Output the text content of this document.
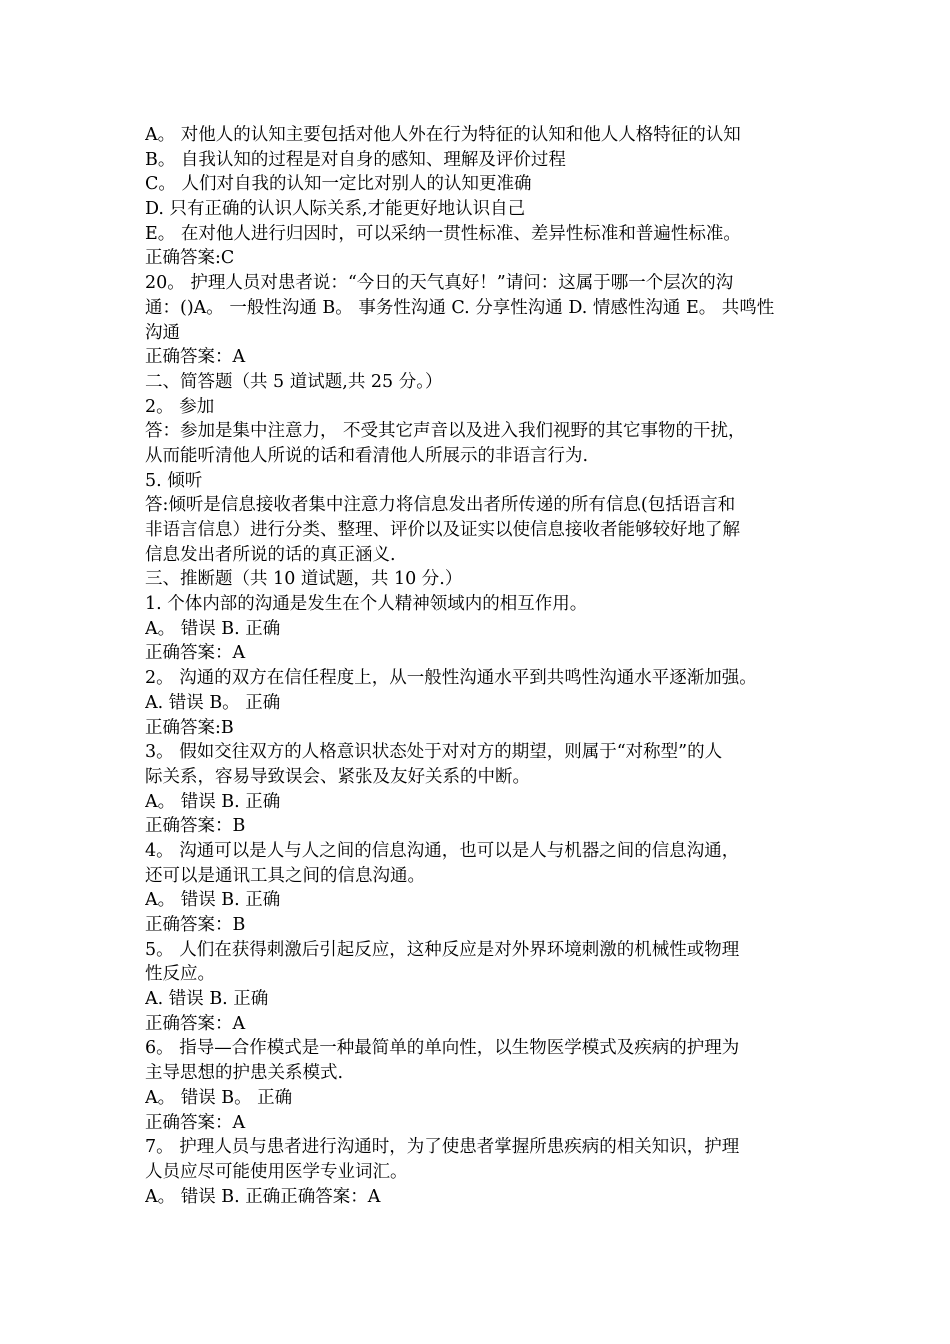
A。 对他人的认知主要包括对他人外在行为特征的认知和他人人格特征的认知
B。 自我认知的过程是对自身的感知、理解及评价过程
C。 人们对自我的认知一定比对别人的认知更准确
D. 只有正确的认识人际关系,才能更好地认识自己
E。 在对他人进行归因时，可以采纳一贯性标准、差异性标准和普遍性标准。
正确答案:C
20。 护理人员对患者说：“今日的天气真好！”请问：这属于哪一个层次的沟
通：()A。 一般性沟通 B。 事务性沟通 C. 分享性沟通 D. 情感性沟通 E。 共鸣性
沟通
正确答案：A
二、简答题（共 5 道试题,共 25 分。）
2。 参加
答：参加是集中注意力， 不受其它声音以及进入我们视野的其它事物的干扰，
从而能听清他人所说的话和看清他人所展示的非语言行为.
5. 倾听
答:倾听是信息接收者集中注意力将信息发出者所传递的所有信息(包括语言和
非语言信息）进行分类、整理、评价以及证实以使信息接收者能够较好地了解
信息发出者所说的话的真正涵义.
三、推断题（共 10 道试题，共 10 分.）
1. 个体内部的沟通是发生在个人精神领域内的相互作用。
A。 错误 B. 正确
正确答案：A
2。 沟通的双方在信任程度上，从一般性沟通水平到共鸣性沟通水平逐渐加强。
A. 错误 B。 正确
正确答案:B
3。 假如交往双方的人格意识状态处于对对方的期望，则属于“对称型”的人
际关系，容易导致误会、紧张及友好关系的中断。
A。 错误 B. 正确
正确答案：B
4。 沟通可以是人与人之间的信息沟通，也可以是人与机器之间的信息沟通，
还可以是通讯工具之间的信息沟通。
A。 错误 B. 正确
正确答案：B
5。 人们在获得刺激后引起反应，这种反应是对外界环境刺激的机械性或物理
性反应。
A. 错误 B. 正确
正确答案：A
6。 指导—合作模式是一种最简单的单向性，以生物医学模式及疾病的护理为
主导思想的护患关系模式.
A。 错误 B。 正确
正确答案：A
7。 护理人员与患者进行沟通时，为了使患者掌握所患疾病的相关知识，护理
人员应尽可能使用医学专业词汇。
A。 错误 B. 正确正确答案：A
